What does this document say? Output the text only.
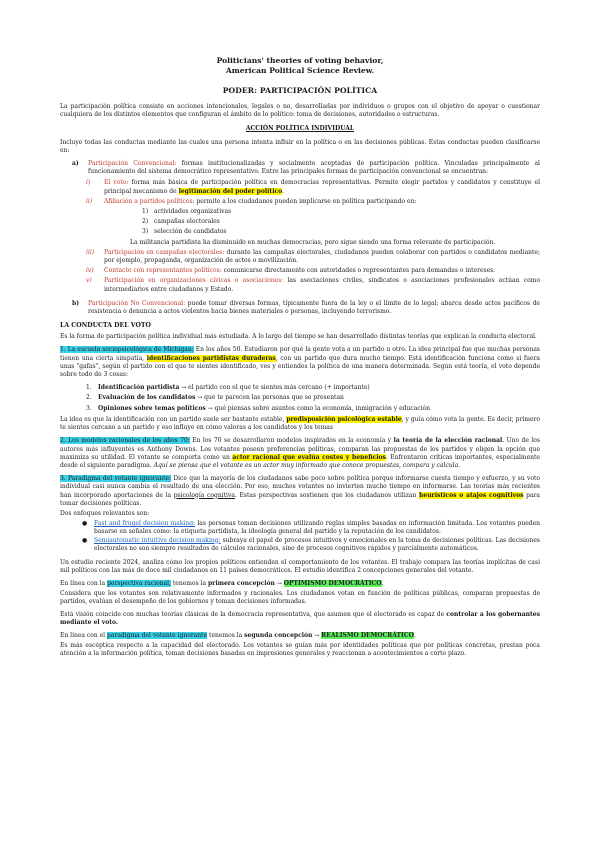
Politicians' theories of voting behavior,
American Political Science Review.
PODER: PARTICIPACIÓN POLÍTICA

La participación política consiste en acciones intencionales, legales o no, desarrolladas por individuos o grupos con el objetivo de apoyar o cuestionar cualquiera de los distintos elementos que configuran el ámbito de lo político: toma de decisiones, autoridades o estructuras.

ACCIÓN POLÍTICA INDIVIDUAL

Incluye todas las conductas mediante las cuales una persona intenta influir en la política o en las decisiones públicas. Estas conductas pueden clasificarse en:

a)	Participación Convencional: formas institucionalizadas y socialmente aceptadas de participación política. Vinculadas principalmente al funcionamiento del sistema democrático representativo. Entre las principales formas de participación convencional se encuentran:
i)	El voto: forma más básica de participación política en democracias representativas. Permite elegir partidos y candidatos y constituye el principal mecanismo de legitimación del poder político.
ii)	Afiliación a partidos políticos: permite a los ciudadanos pueden implicarse en política participando en:
1) actividades organizativas
2) campañas electorales
3) selección de candidatos
La militancia partidista ha disminuido en muchas democracias, pero sigue siendo una forma relevante de participación.
iii)	Participación en campañas electorales: durante las campañas electorales, ciudadanos pueden colaborar con partidos o candidatos mediante; por ejemplo, propaganda, organización de actos o movilización.
iv)	Contacto con representantes políticos: comunicarse directamente con autoridades o representantes para demandas o intereses.
v)	Participación en organizaciones cívicas o asociaciones: las asociaciones civiles, sindicatos o asociaciones profesionales actúan como intermediarios entre ciudadanos y Estado.
b)	Participación No Convencional: puede tomar diversas formas, típicamente fuera de la ley o el límite de lo legal; abarca desde actos pacíficos de resistencia o denuncia a actos violentos hacia bienes materiales o personas, incluyendo terrorismo.
LA CONDUCTA DEL VOTO

Es la forma de participación política individual más estudiada. A lo largo del tiempo se han desarrollado distintas teorías que explican la conducta electoral.

1. La escuela sociopsicológica de Michigan: En los años 50. Estudiaron por qué la gente vota a un partido u otro. La idea principal fue que muchas personas tienen una cierta simpatía, identificaciones partidistas duraderas, con un partido que dura mucho tiempo. Está identificación funciona como si fuera unas "gafas", según el partido con el que te sientes identificado, ves y entiendes la política de una manera determinada. Según está teoría, el voto depende sobre todo de 3 cosas:

1.	Identificación partidista → el partido con el que te sientes más cercano (+ importante)
2.	Evaluación de los candidatos → qué te parecen las personas que se presentan
3.	Opiniones sobre temas políticos → qué piensas sobre asuntos como la economía, inmigración y educación

La idea es que la identificación con un partido suele ser bastante estable, predisposición psicológica estable, y guía cómo vota la gente. Es decir, primero te sientes cercano a un partido y eso influye en cómo valoras a los candidatos y los temas

2. Los modelos racionales de los años 70: En los 70 se desarrollaron modelos inspirados en la economía y la teoría de la elección racional. Uno de los autores más influyentes es Anthony Downs. Los votantes poseen preferencias políticas, comparan las propuestas de los partidos y eligen la opción que maximiza su utilidad. El votante se comporta como un actor racional que evalúa costes y beneficios. Enfrentaron críticas importantes, especialmente desde el siguiente paradigma. Aquí se piensa que el votante es un actor muy informado que conoce propuestas, compara y calcula.

3. Paradigma del votante ignorante: Dice que la mayoría de los ciudadanos sabe poco sobre política porque informarse cuesta tiempo y esfuerzo, y su voto individual casi nunca cambia el resultado de una elección. Por eso, muchos votantes no invierten mucho tiempo en informarse. Las teorías más recientes han incorporado aportaciones de la psicología cognitiva. Estas perspectivas sostienen que los ciudadanos utilizan heurísticos o atajos cognitivos para tomar decisiones políticas.

Dos enfoques relevantes son:

●	Fast and frugal decision making: las personas toman decisiones utilizando reglas simples basadas en información limitada. Los votantes pueden basarse en señales como: la etiqueta partidista, la ideología general del partido y la reputación de los candidatos.
●	Semiautomatic intuitive decision making: subraya el papel de procesos intuitivos y emocionales en la toma de decisiones políticas. Las decisiones electorales no son siempre resultados de cálculos racionales, sino de procesos cognitivos rápidos y parcialmente automáticos.

Un estudio reciente 2024, analiza cómo los propios políticos entienden el comportamiento de los votantes. El trabajo compara las teorías implícitas de casi mil políticos con las más de doce mil ciudadanos en 11 países democráticos. El estudio identifica 2 concepciones generales del votante.

En línea con la perspectiva racional, tenemos la primera concepción → OPTIMISMO DEMOCRÁTICO.

Considera que los votantes son relativamente informados y racionales. Los ciudadanos votan en función de políticas públicas, comparan propuestas de partidos, evalúan el desempeño de los gobiernos y toman decisiones informadas.

Está visión coincide con muchas teorías clásicas de la democracia representativa, que asumen que el electorado es capaz de controlar a los gobernantes mediante el voto.

En línea con el paradigma del votante ignorante tenemos la segunda concepción → REALISMO DEMOCRÁTICO.

Es más escéptica respecto a la capacidad del electorado. Los votantes se guían más por identidades políticas que por políticas concretas, prestan poca atención a la información política, toman decisiones basadas en impresiones generales y reaccionan a acontecimientos a corto plazo.
